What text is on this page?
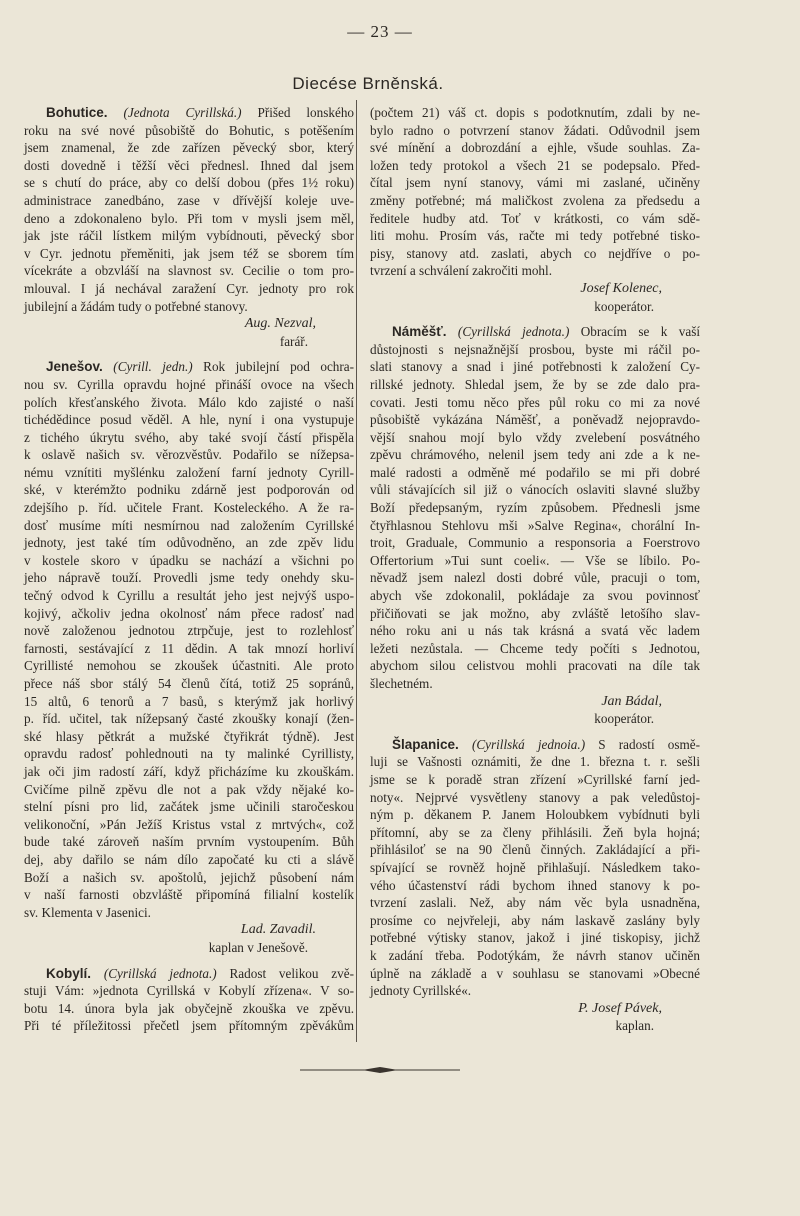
— 23 —
Diecése Brněnská.
Bohutice. (Jednota Cyrillská.) Přišed lonského
roku na své nové působiště do Bohutic, s potěšením
jsem znamenal, že zde zařízen pěvecký sbor, který
dosti dovedně i těžší věci přednesl. Ihned dal jsem
se s chutí do práce, aby co delší dobou (přes 1½ roku)
administrace zanedbáno, zase v dřívější koleje uve-
deno a zdokonaleno bylo. Při tom v mysli jsem měl,
jak jste ráčil lístkem milým vybídnouti, pěvecký sbor
v Cyr. jednotu přeměniti, jak jsem též se sborem tím
vícekráte a obzvláší na slavnost sv. Cecilie o tom pro-
mlouval. I já nechával zaražení Cyr. jednoty pro rok
jubilejní a žádám tudy o potřebné stanovy.
Aug. Nezval,
farář.
Jenešov. (Cyrill. jedn.) Rok jubilejní pod ochra-
nou sv. Cyrilla opravdu hojné přináší ovoce na všech
polích křesťanského života. Málo kdo zajisté o naší
tichédědince posud věděl. A hle, nyní i ona vystupuje
z tichého úkrytu svého, aby také svojí částí přispěla
k oslavě našich sv. věrozvěstův. Podařilo se nížepsa-
nému vznítiti myšlénku založení farní jednoty Cyrill-
ské, v kterémžto podniku zdárně jest podporován od
zdejšího p. říd. učitele Frant. Kosteleckého. A že ra-
dosť musíme míti nesmírnou nad založením Cyrillské
jednoty, jest také tím odůvodněno, an zde zpěv lidu
v kostele skoro v úpadku se nachází a všichni po
jeho nápravě touží. Provedli jsme tedy onehdy sku-
tečný odvod k Cyrillu a resultát jeho jest nejvýš uspo-
kojivý, ačkoliv jedna okolnosť nám přece radosť nad
nově založenou jednotou ztrpčuje, jest to rozlehlosť
farnosti, sestávající z 11 dědin. A tak mnozí horliví
Cyrillisté nemohou se zkoušek účastniti. Ale proto
přece náš sbor stálý 54 členů čítá, totiž 25 sopránů,
15 altů, 6 tenorů a 7 basů, s kterýmž jak horlivý
p. říd. učitel, tak nížepsaný časté zkoušky konají (žen-
ské hlasy pětkrát a mužské čtyřikrát týdně). Jest
opravdu radosť pohlednouti na ty malinké Cyrillisty,
jak oči jim radostí září, když přicházíme ku zkouškám.
Cvičíme pilně zpěvu dle not a pak vždy nějaké ko-
stelní písni pro lid, začátek jsme učinili staročeskou
velikonoční, »Pán Ježíš Kristus vstal z mrtvých«, což
bude také zároveň naším prvním vystoupením. Bůh
dej, aby dařilo se nám dílo započaté ku cti a slávě
Boží a našich sv. apoštolů, jejichž působení nám
v naší farnosti obzvláště připomíná filialní kostelík
sv. Klementa v Jasenici.
Lad. Zavadil.
kaplan v Jenešově.
Kobylí. (Cyrillská jednota.) Radost velikou zvě-
stuji Vám: »jednota Cyrillská v Kobylí zřízena«. V so-
botu 14. února byla jak obyčejně zkouška ve zpěvu.
Při té příležitossi přečetl jsem přítomným zpěvákům
(počtem 21) váš ct. dopis s podotknutím, zdali by ne-
bylo radno o potvrzení stanov žádati. Odůvodnil jsem
své mínění a dobrozdání a ejhle, všude souhlas. Za-
ložen tedy protokol a všech 21 se podepsalo. Před-
čítal jsem nyní stanovy, vámi mi zaslané, učiněny
změny potřebné; má maličkost zvolena za předsedu a
ředitele hudby atd. Toť v krátkosti, co vám sdě-
liti mohu. Prosím vás, račte mi tedy potřebné tisko-
pisy, stanovy atd. zaslati, abych co nejdříve o po-
tvrzení a schválení zakročiti mohl.
Josef Kolenec,
kooperátor.
Náměšť. (Cyrillská jednota.) Obracím se k vaší
důstojnosti s nejsnažnější prosbou, byste mi ráčil po-
slati stanovy a snad i jiné potřebnosti k založení Cy-
rillské jednoty. Shledal jsem, že by se zde dalo pra-
covati. Jesti tomu něco přes půl roku co mi za nové
působiště vykázána Náměšť, a poněvadž nejopravdo-
vější snahou mojí bylo vždy zvelebení posvátného
zpěvu chrámového, nelenil jsem tedy ani zde a k ne-
malé radosti a odměně mé podařilo se mi při dobré
vůli stávajících sil již o vánocích oslaviti slavné služby
Boží předepsaným, ryzím způsobem. Přednesli jsme
čtyřhlasnou Stehlovu mši »Salve Regina«, chorální In-
troit, Graduale, Communio a responsoria a Foerstrovo
Offertorium »Tui sunt coeli«. — Vše se líbilo. Po-
něvadž jsem nalezl dosti dobré vůle, pracuji o tom,
abych vše zdokonalil, pokládaje za svou povinnosť
přičiňovati se jak možno, aby zvláště letošího slav-
ného roku ani u nás tak krásná a svatá věc ladem
ležeti nezůstala. — Chceme tedy počíti s Jednotou,
abychom silou celistvou mohli pracovati na díle tak
šlechetném.
Jan Bádal,
kooperátor.
Šlapanice. (Cyrillská jednoia.) S radostí osmě-
luji se Vašnosti oznámiti, že dne 1. března t. r. sešli
jsme se k poradě stran zřízení »Cyrillské farní jed-
noty«. Nejprvé vysvětleny stanovy a pak veledůstoj-
ným p. děkanem P. Janem Holoubkem vybídnuti byli
přítomní, aby se za členy přihlásili. Žeň byla hojná;
přihlásiloť se na 90 členů činných. Zakládající a při-
spívající se rovněž hojně přihlašují. Následkem tako-
vého účastenství rádi bychom ihned stanovy k po-
tvrzení zaslali. Než, aby nám věc byla usnadněna,
prosíme co nejvřeleji, aby nám laskavě zaslány byly
potřebné výtisky stanov, jakož i jiné tiskopisy, jichž
k zadání třeba. Podotýkám, že návrh stanov učiněn
úplně na základě a v souhlasu se stanovami »Obecné
jednoty Cyrillské«.
P. Josef Pávek,
kaplan.
